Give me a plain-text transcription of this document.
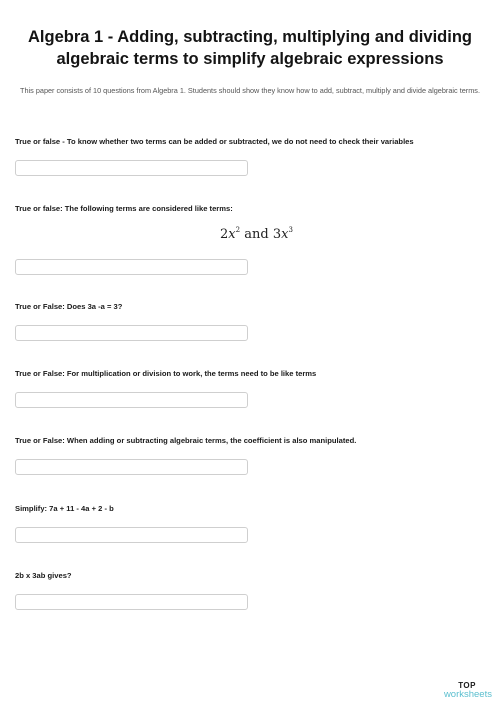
Algebra 1 - Adding, subtracting, multiplying and dividing algebraic terms to simplify algebraic expressions
This paper consists of 10 questions from Algebra 1. Students should show they know how to add, subtract, multiply and divide algebraic terms.
True or false - To know whether two terms can be added or subtracted, we do not need to check their variables
True or false: The following terms are considered like terms:
$2x^2$ and $3x^3$
True or False: Does 3a -a = 3?
True or False: For multiplication or division to work, the terms need to be like terms
True or False: When adding or subtracting algebraic terms, the coefficient is also manipulated.
Simplify: 7a + 11 - 4a + 2 - b
2b x 3ab gives?
TOP
worksheets
